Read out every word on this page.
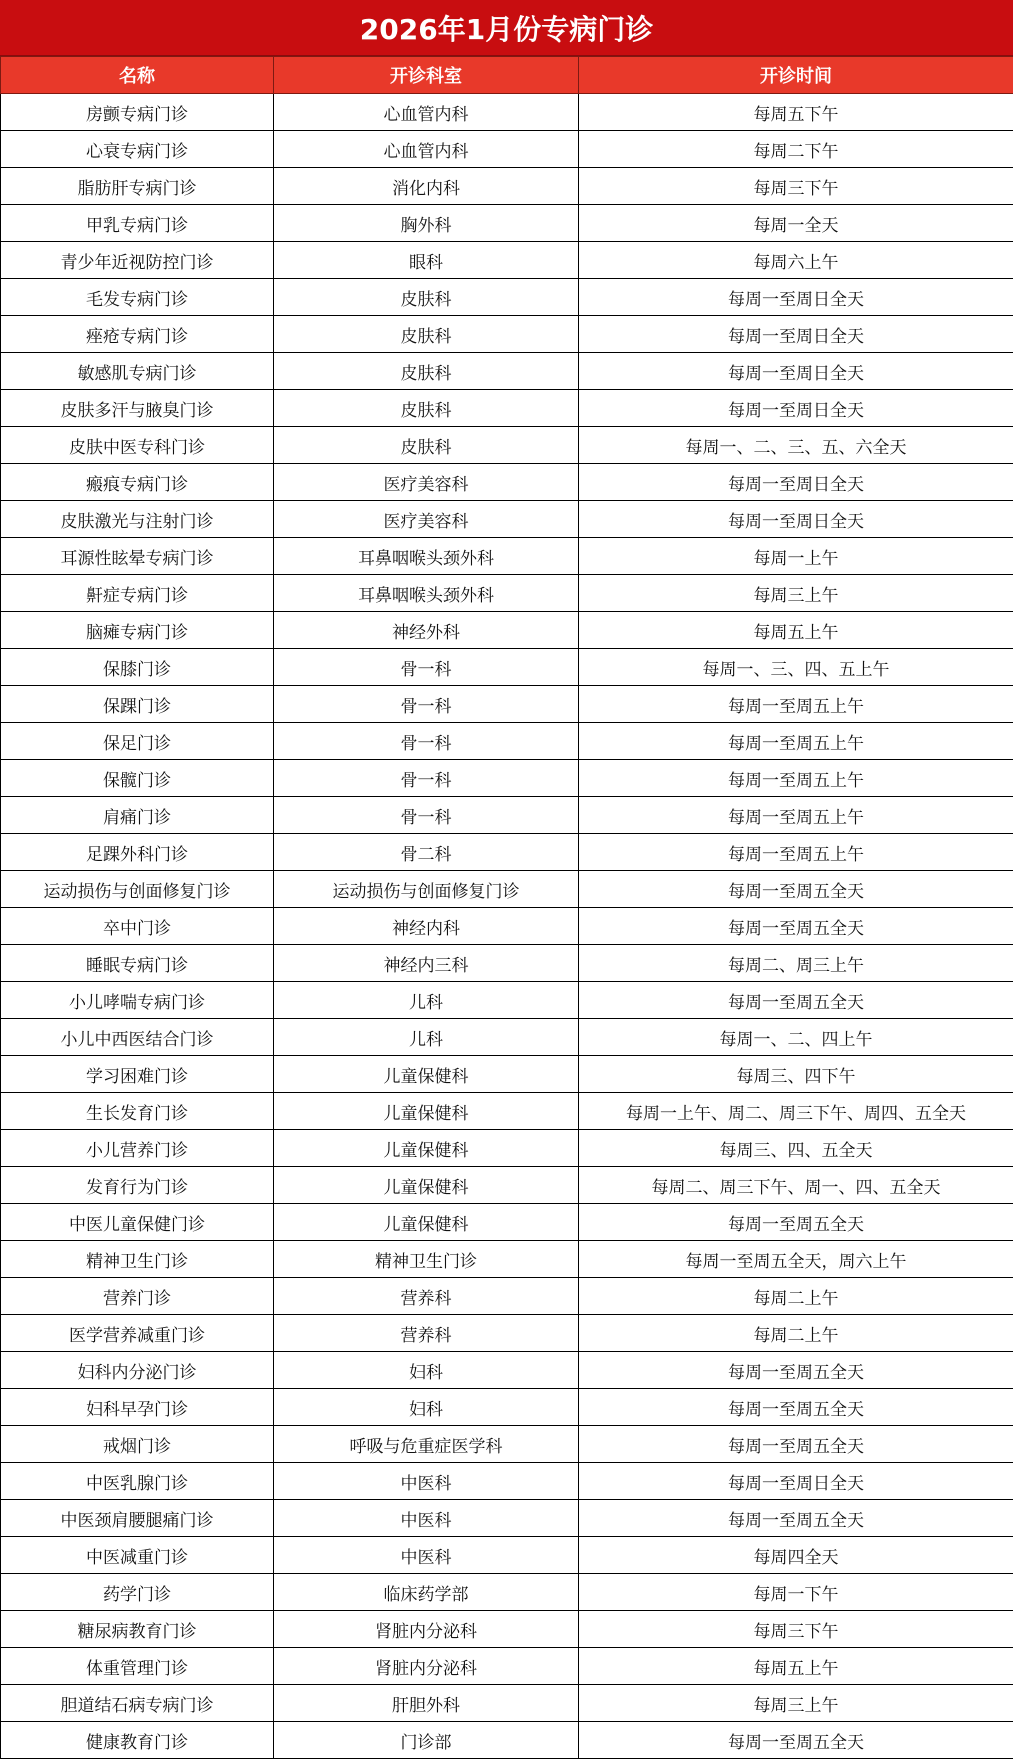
2026年1月份专病门诊
名称	开诊科室	开诊时间
房颤专病门诊	心血管内科	每周五下午
心衰专病门诊	心血管内科	每周二下午
脂肪肝专病门诊	消化内科	每周三下午
甲乳专病门诊	胸外科	每周一全天
青少年近视防控门诊	眼科	每周六上午
毛发专病门诊	皮肤科	每周一至周日全天
痤疮专病门诊	皮肤科	每周一至周日全天
敏感肌专病门诊	皮肤科	每周一至周日全天
皮肤多汗与腋臭门诊	皮肤科	每周一至周日全天
皮肤中医专科门诊	皮肤科	每周一、二、三、五、六全天
瘢痕专病门诊	医疗美容科	每周一至周日全天
皮肤激光与注射门诊	医疗美容科	每周一至周日全天
耳源性眩晕专病门诊	耳鼻咽喉头颈外科	每周一上午
鼾症专病门诊	耳鼻咽喉头颈外科	每周三上午
脑瘫专病门诊	神经外科	每周五上午
保膝门诊	骨一科	每周一、三、四、五上午
保踝门诊	骨一科	每周一至周五上午
保足门诊	骨一科	每周一至周五上午
保髋门诊	骨一科	每周一至周五上午
肩痛门诊	骨一科	每周一至周五上午
足踝外科门诊	骨二科	每周一至周五上午
运动损伤与创面修复门诊	运动损伤与创面修复门诊	每周一至周五全天
卒中门诊	神经内科	每周一至周五全天
睡眠专病门诊	神经内三科	每周二、周三上午
小儿哮喘专病门诊	儿科	每周一至周五全天
小儿中西医结合门诊	儿科	每周一、二、四上午
学习困难门诊	儿童保健科	每周三、四下午
生长发育门诊	儿童保健科	每周一上午、周二、周三下午、周四、五全天
小儿营养门诊	儿童保健科	每周三、四、五全天
发育行为门诊	儿童保健科	每周二、周三下午、周一、四、五全天
中医儿童保健门诊	儿童保健科	每周一至周五全天
精神卫生门诊	精神卫生门诊	每周一至周五全天，周六上午
营养门诊	营养科	每周二上午
医学营养减重门诊	营养科	每周二上午
妇科内分泌门诊	妇科	每周一至周五全天
妇科早孕门诊	妇科	每周一至周五全天
戒烟门诊	呼吸与危重症医学科	每周一至周五全天
中医乳腺门诊	中医科	每周一至周日全天
中医颈肩腰腿痛门诊	中医科	每周一至周五全天
中医减重门诊	中医科	每周四全天
药学门诊	临床药学部	每周一下午
糖尿病教育门诊	肾脏内分泌科	每周三下午
体重管理门诊	肾脏内分泌科	每周五上午
胆道结石病专病门诊	肝胆外科	每周三上午
健康教育门诊	门诊部	每周一至周五全天
